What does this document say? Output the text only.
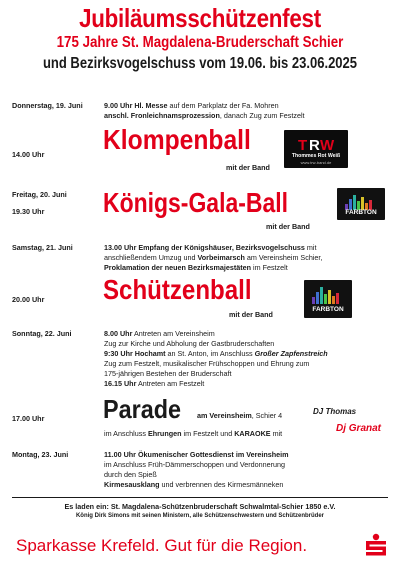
Jubiläumsschützenfest
175 Jahre St. Magdalena-Bruderschaft Schier
und Bezirksvogelschuss vom 19.06. bis 23.06.2025
Donnerstag, 19. Juni	9.00 Uhr Hl. Messe auf dem Parkplatz der Fa. Mohren
anschl. Fronleichnamsprozession, danach Zug zum Festzelt
14.00 Uhr Klompenball
mit der Band
T R W
Thommes Rot Weiß
www.trw-band.de
Freitag, 20. Juni
19.30 Uhr Königs-Gala-Ball
mit der Band
FARBTON
Samstag, 21. Juni	13.00 Uhr Empfang der Königshäuser, Bezirksvogelschuss mit
anschließendem Umzug und Vorbeimarsch am Vereinsheim Schier,
Proklamation der neuen Bezirksmajestäten im Festzelt
20.00 Uhr Schützenball
mit der Band
FARBTON
Sonntag, 22. Juni	8.00 Uhr Antreten am Vereinsheim
Zug zur Kirche und Abholung der Gastbruderschaften
9:30 Uhr Hochamt an St. Anton, im Anschluss Großer Zapfenstreich
Zug zum Festzelt, musikalischer Frühschoppen und Ehrung zum
175-jährigen Bestehen der Bruderschaft
16.15 Uhr Antreten am Festzelt
17.00 Uhr Parade am Vereinsheim, Schier 4
im Anschluss Ehrungen im Festzelt und KARAOKE mit
DJ Thomas
Dj Granat
Montag, 23. Juni	11.00 Uhr Ökumenischer Gottesdienst im Vereinsheim
im Anschluss Früh-Dämmerschoppen und Verdonnerung
durch den Spieß
Kirmesausklang und verbrennen des Kirmesmänneken
Es laden ein: St. Magdalena-Schützenbruderschaft Schwalmtal-Schier 1850 e.V.
König Dirk Simons mit seinen Ministern, alle Schützenschwestern und Schützenbrüder
Sparkasse Krefeld. Gut für die Region.
